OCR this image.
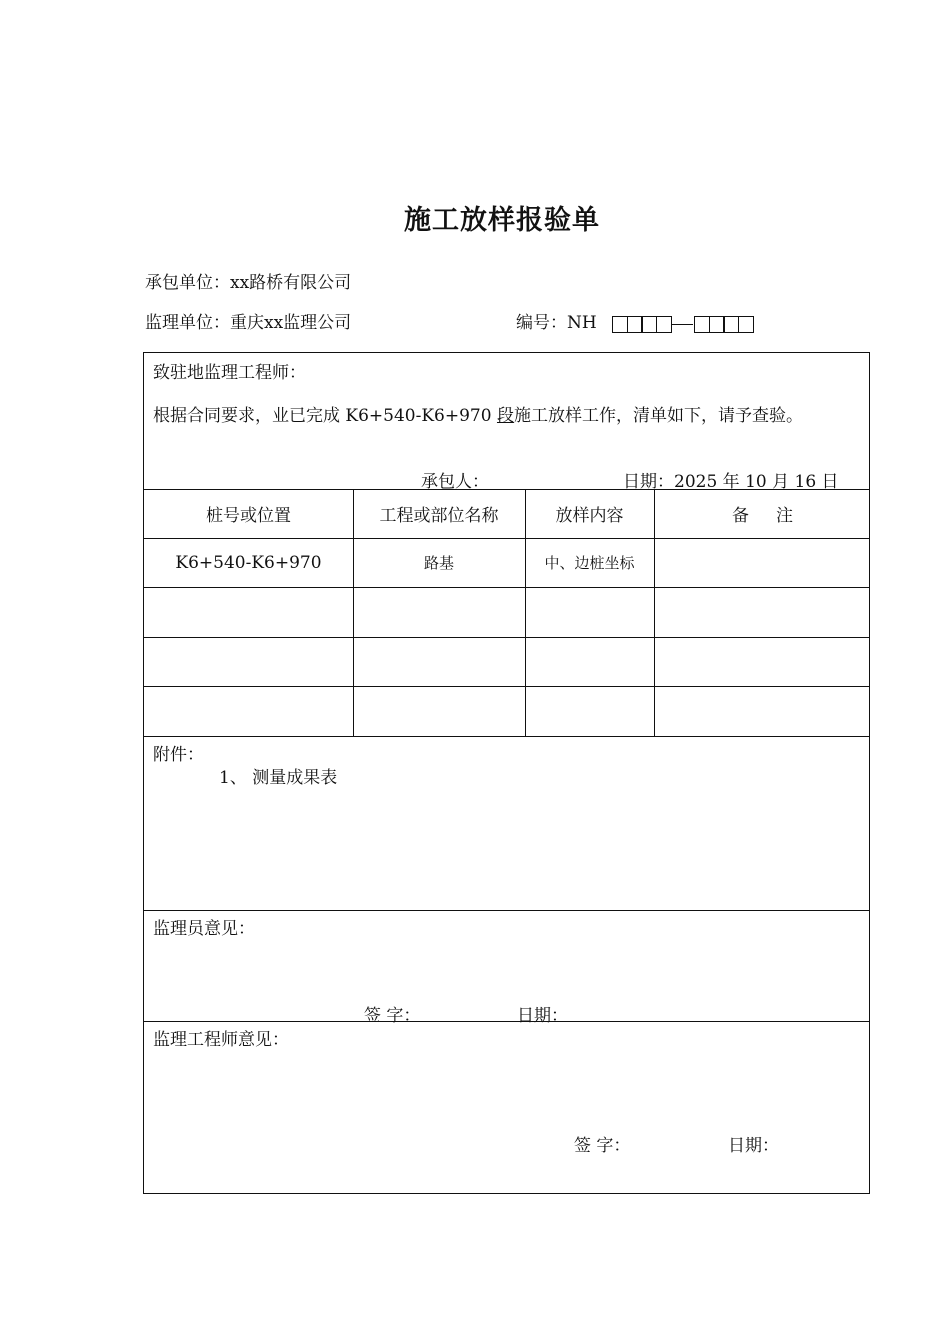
施工放样报验单
承包单位：xx路桥有限公司
监理单位：重庆xx监理公司	编号：NH
致驻地监理工程师：
根据合同要求，业已完成 K6+540-K6+970 段施工放样工作，清单如下，请予查验。
承包人：	日期：2025 年 10 月 16 日
桩号或位置	工程或部位名称	放样内容	备     注
K6+540-K6+970	路基	中、边桩坐标
附件：
1、 测量成果表
监理员意见：
签 字：	日期：
监理工程师意见：
签 字：	日期：
